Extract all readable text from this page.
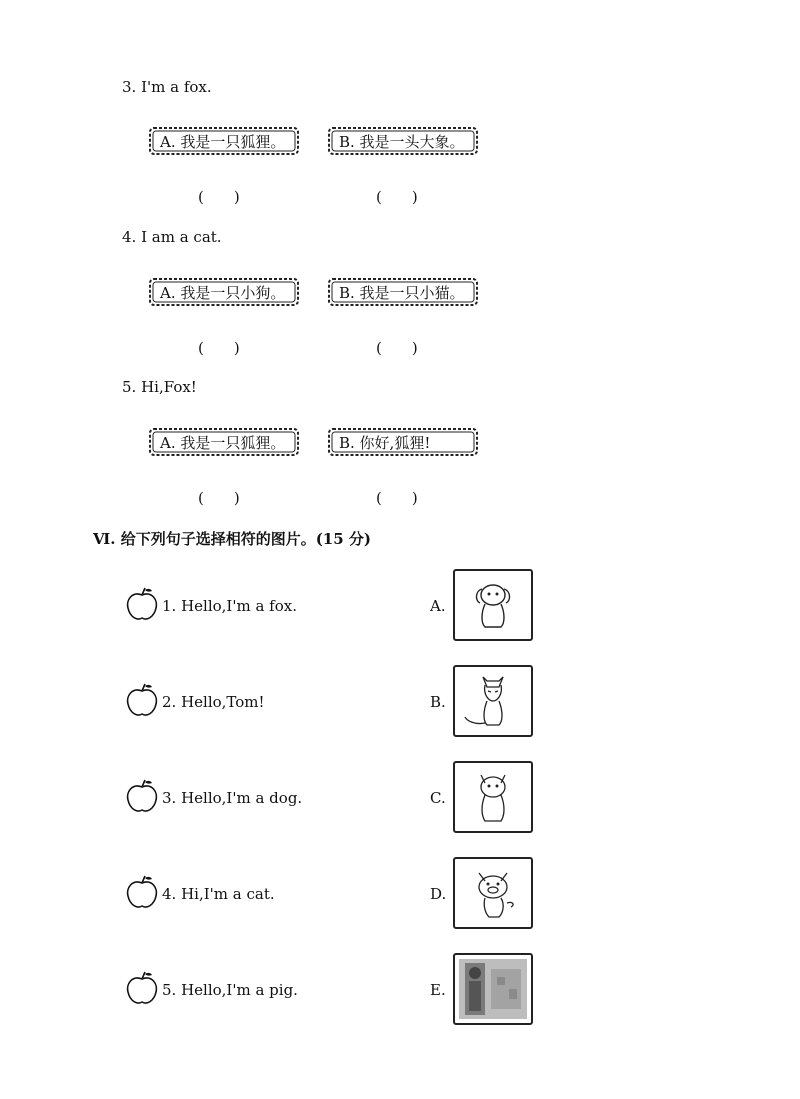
3. I'm a fox.
A. 我是一只狐狸。	B. 我是一头大象。
(　　)	(　　)
4. I am a cat.
A. 我是一只小狗。	B. 我是一只小猫。
(　　)	(　　)
5. Hi,Fox!
A. 我是一只狐狸。	B. 你好,狐狸!
(　　)	(　　)
Ⅵ. 给下列句子选择相符的图片。(15 分)
1. Hello,I'm a fox.	A.
2. Hello,Tom!	B.
3. Hello,I'm a dog.	C.
4. Hi,I'm a cat.	D.
5. Hello,I'm a pig.	E.
